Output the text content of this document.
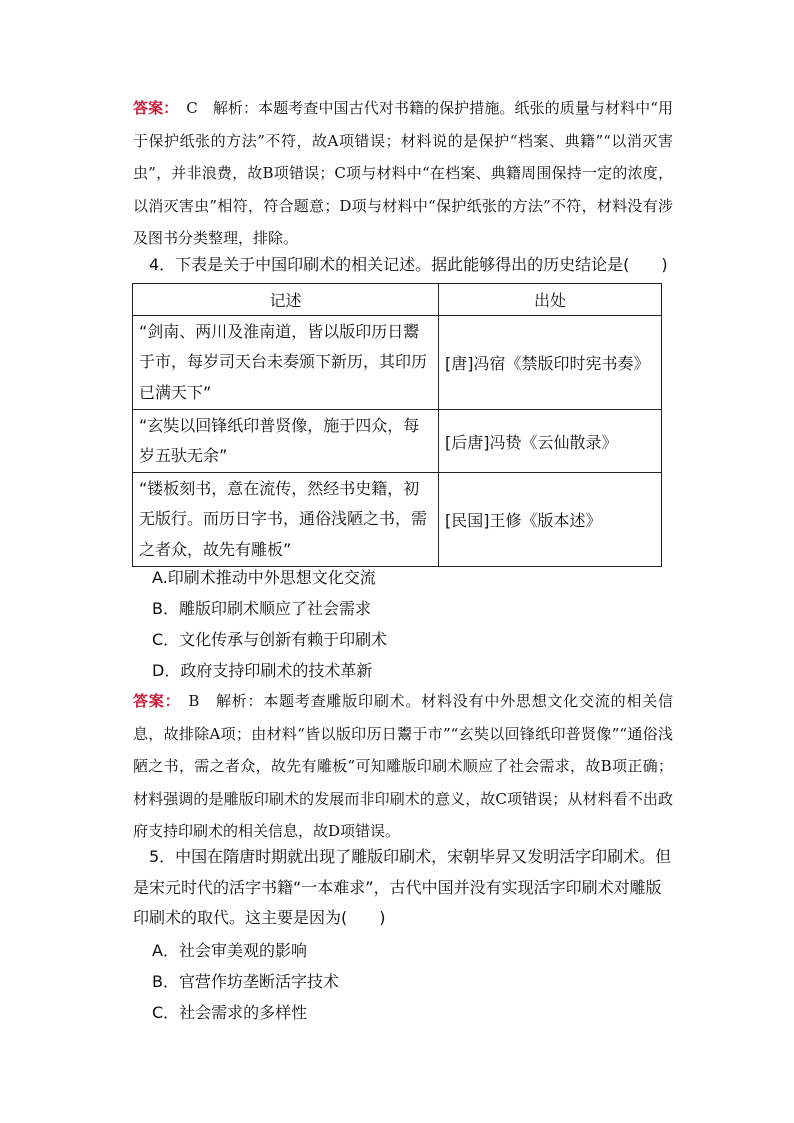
答案： C　解析：本题考查中国古代对书籍的保护措施。纸张的质量与材料中“用于保护纸张的方法”不符，故A项错误；材料说的是保护“档案、典籍”“以消灭害虫”，并非浪费，故B项错误；C项与材料中“在档案、典籍周围保持一定的浓度，以消灭害虫”相符，符合题意；D项与材料中“保护纸张的方法”不符，材料没有涉及图书分类整理，排除。
4．下表是关于中国印刷术的相关记述。据此能够得出的历史结论是(　　)
记述	出处
“剑南、两川及淮南道，皆以版印历日鬻于市，每岁司天台未奏颁下新历，其印历已满天下”	[唐]冯宿《禁版印时宪书奏》
“玄奘以回锋纸印普贤像，施于四众，每岁五驮无余”	[后唐]冯贽《云仙散录》
“镂板刻书，意在流传，然经书史籍，初无版行。而历日字书，通俗浅陋之书，需之者众，故先有雕板”	[民国]王修《版本述》
A.印刷术推动中外思想文化交流
B．雕版印刷术顺应了社会需求
C．文化传承与创新有赖于印刷术
D．政府支持印刷术的技术革新
答案： B　解析：本题考查雕版印刷术。材料没有中外思想文化交流的相关信息，故排除A项；由材料“皆以版印历日鬻于市”“玄奘以回锋纸印普贤像”“通俗浅陋之书，需之者众，故先有雕板”可知雕版印刷术顺应了社会需求，故B项正确；材料强调的是雕版印刷术的发展而非印刷术的意义，故C项错误；从材料看不出政府支持印刷术的相关信息，故D项错误。
5．中国在隋唐时期就出现了雕版印刷术，宋朝毕昇又发明活字印刷术。但是宋元时代的活字书籍“一本难求”，古代中国并没有实现活字印刷术对雕版印刷术的取代。这主要是因为(　　)
A．社会审美观的影响
B．官营作坊垄断活字技术
C．社会需求的多样性
